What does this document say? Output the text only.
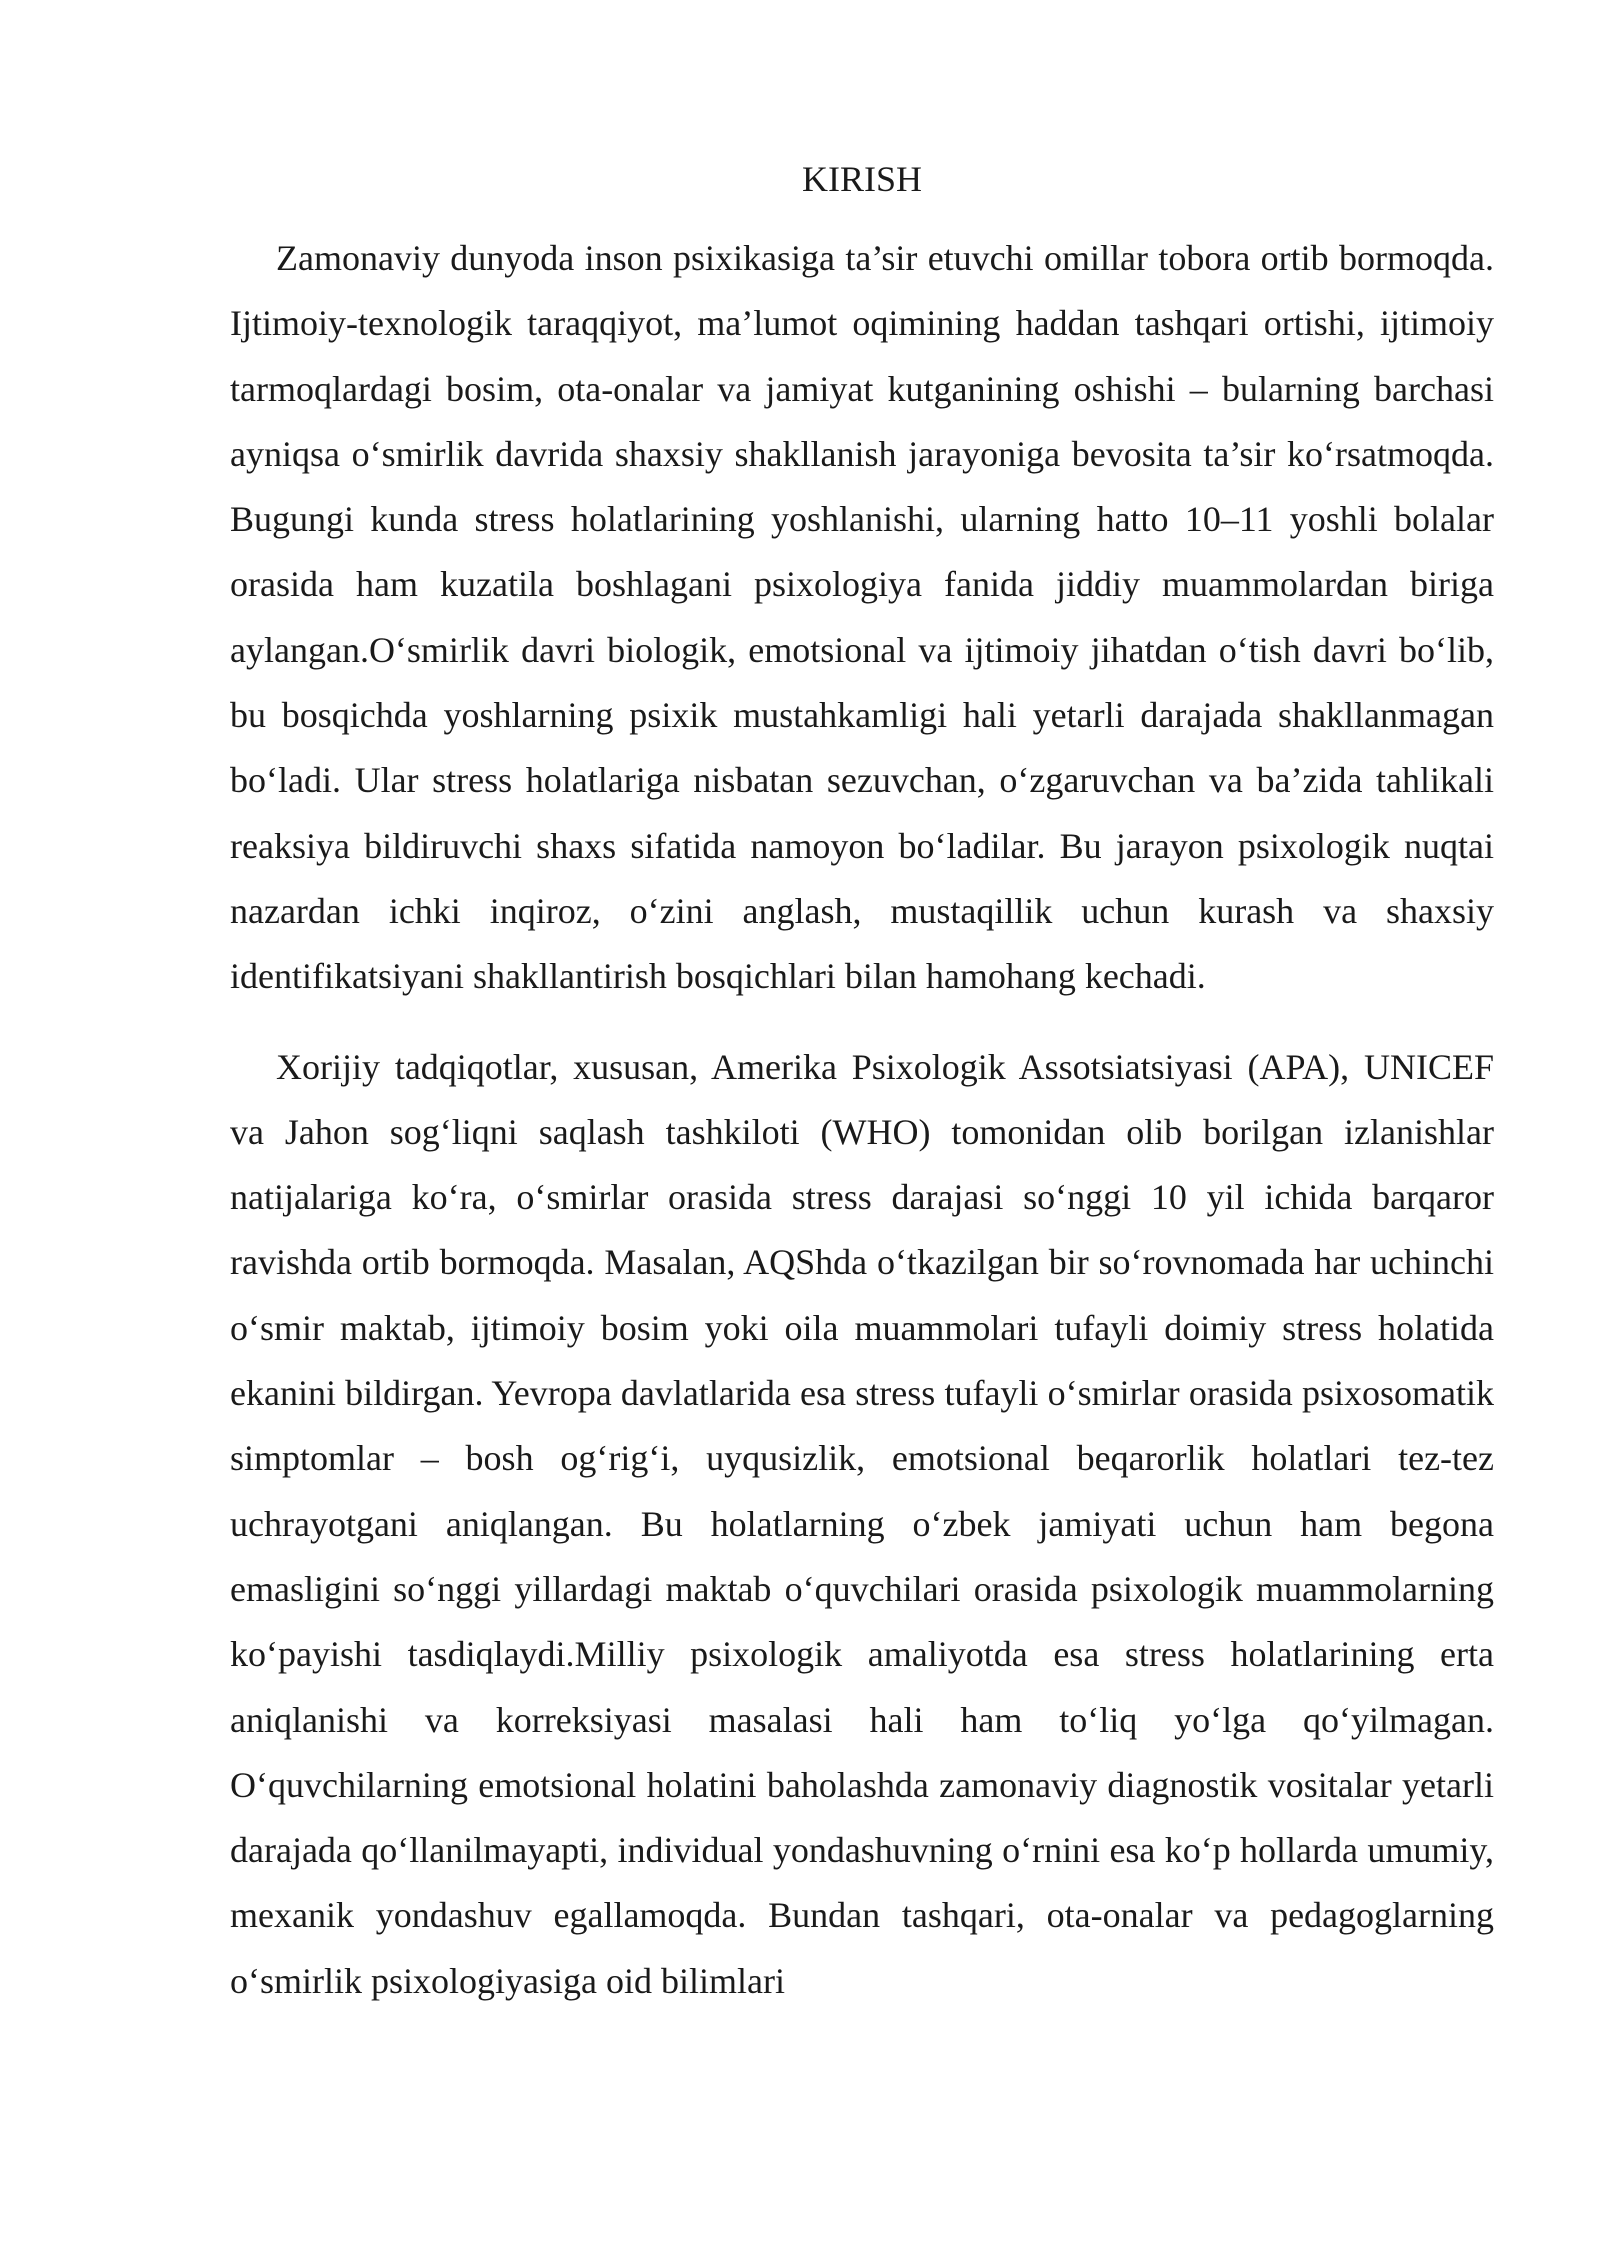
KIRISH

Zamonaviy dunyoda inson psixikasiga ta’sir etuvchi omillar tobora ortib bormoqda. Ijtimoiy-texnologik taraqqiyot, ma’lumot oqimining haddan tashqari ortishi, ijtimoiy tarmoqlardagi bosim, ota-onalar va jamiyat kutganining oshishi – bularning barchasi ayniqsa o‘smirlik davrida shaxsiy shakllanish jarayoniga bevosita ta’sir ko‘rsatmoqda. Bugungi kunda stress holatlarining yoshlanishi, ularning hatto 10–11 yoshli bolalar orasida ham kuzatila boshlagani psixologiya fanida jiddiy muammolardan biriga aylangan.O‘smirlik davri biologik, emotsional va ijtimoiy jihatdan o‘tish davri bo‘lib, bu bosqichda yoshlarning psixik mustahkamligi hali yetarli darajada shakllanmagan bo‘ladi. Ular stress holatlariga nisbatan sezuvchan, o‘zgaruvchan va ba’zida tahlikali reaksiya bildiruvchi shaxs sifatida namoyon bo‘ladilar. Bu jarayon psixologik nuqtai nazardan ichki inqiroz, o‘zini anglash, mustaqillik uchun kurash va shaxsiy identifikatsiyani shakllantirish bosqichlari bilan hamohang kechadi.

Xorijiy tadqiqotlar, xususan, Amerika Psixologik Assotsiatsiyasi (APA), UNICEF va Jahon sog‘liqni saqlash tashkiloti (WHO) tomonidan olib borilgan izlanishlar natijalariga ko‘ra, o‘smirlar orasida stress darajasi so‘nggi 10 yil ichida barqaror ravishda ortib bormoqda. Masalan, AQShda o‘tkazilgan bir so‘rovnomada har uchinchi o‘smir maktab, ijtimoiy bosim yoki oila muammolari tufayli doimiy stress holatida ekanini bildirgan. Yevropa davlatlarida esa stress tufayli o‘smirlar orasida psixosomatik simptomlar – bosh og‘rig‘i, uyqusizlik, emotsional beqarorlik holatlari tez-tez uchrayotgani aniqlangan. Bu holatlarning o‘zbek jamiyati uchun ham begona emasligini so‘nggi yillardagi maktab o‘quvchilari orasida psixologik muammolarning ko‘payishi tasdiqlaydi.Milliy psixologik amaliyotda esa stress holatlarining erta aniqlanishi va korreksiyasi masalasi hali ham to‘liq yo‘lga qo‘yilmagan. O‘quvchilarning emotsional holatini baholashda zamonaviy diagnostik vositalar yetarli darajada qo‘llanilmayapti, individual yondashuvning o‘rnini esa ko‘p hollarda umumiy, mexanik yondashuv egallamoqda. Bundan tashqari, ota-onalar va pedagoglarning o‘smirlik psixologiyasiga oid bilimlari
